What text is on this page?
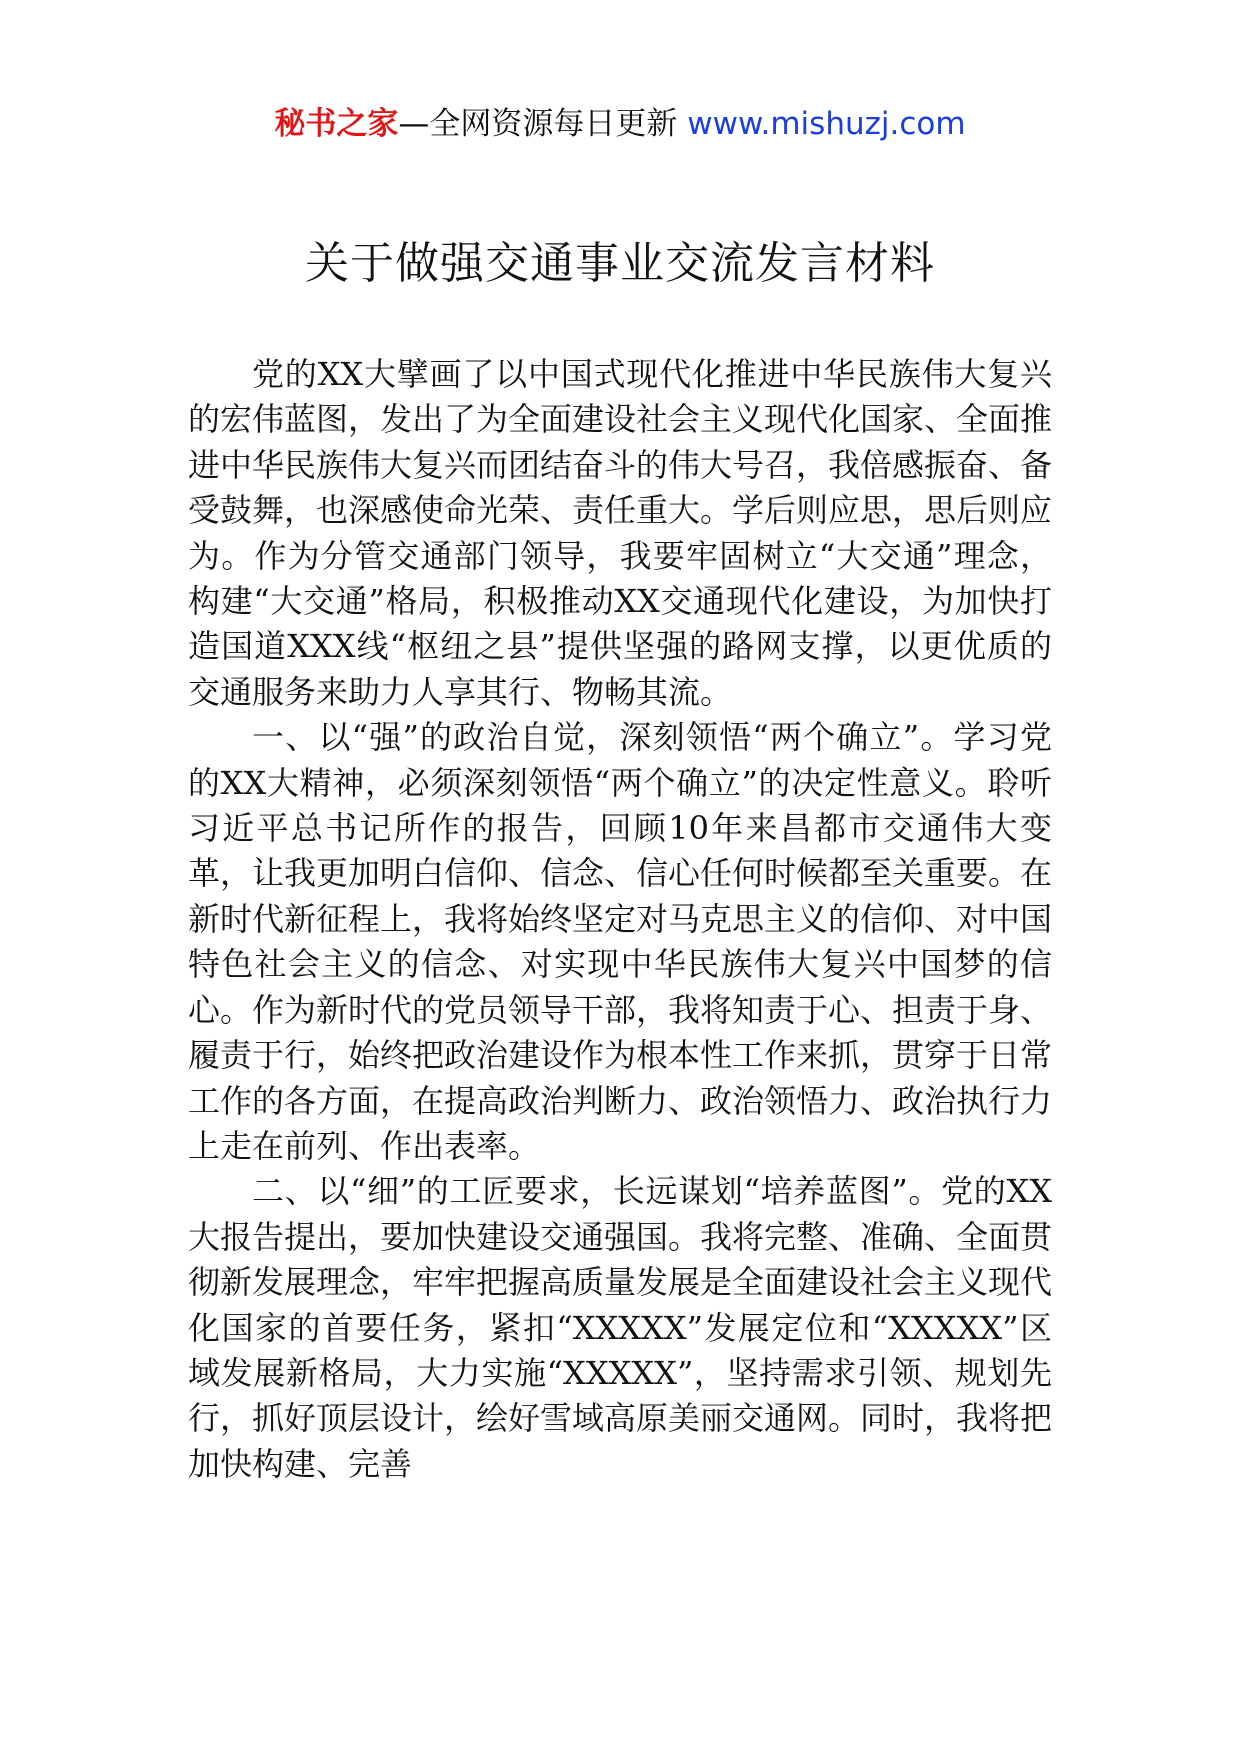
秘书之家—全网资源每日更新 www.mishuzj.com
关于做强交通事业交流发言材料

党的XX大擘画了以中国式现代化推进中华民族伟大复兴的宏伟蓝图，发出了为全面建设社会主义现代化国家、全面推进中华民族伟大复兴而团结奋斗的伟大号召，我倍感振奋、备受鼓舞，也深感使命光荣、责任重大。学后则应思，思后则应为。作为分管交通部门领导，我要牢固树立“大交通”理念，构建“大交通”格局，积极推动XX交通现代化建设，为加快打造国道XXX线“枢纽之县”提供坚强的路网支撑，以更优质的交通服务来助力人享其行、物畅其流。

一、以“强”的政治自觉，深刻领悟“两个确立”。学习党的XX大精神，必须深刻领悟“两个确立”的决定性意义。聆听习近平总书记所作的报告，回顾10年来昌都市交通伟大变革，让我更加明白信仰、信念、信心任何时候都至关重要。在新时代新征程上，我将始终坚定对马克思主义的信仰、对中国特色社会主义的信念、对实现中华民族伟大复兴中国梦的信心。作为新时代的党员领导干部，我将知责于心、担责于身、履责于行，始终把政治建设作为根本性工作来抓，贯穿于日常工作的各方面，在提高政治判断力、政治领悟力、政治执行力上走在前列、作出表率。

二、以“细”的工匠要求，长远谋划“培养蓝图”。党的XX大报告提出，要加快建设交通强国。我将完整、准确、全面贯彻新发展理念，牢牢把握高质量发展是全面建设社会主义现代化国家的首要任务，紧扣“XXXXX”发展定位和“XXXXX”区域发展新格局，大力实施“XXXXX”，坚持需求引领、规划先行，抓好顶层设计，绘好雪域高原美丽交通网。同时，我将把加快构建、完善
